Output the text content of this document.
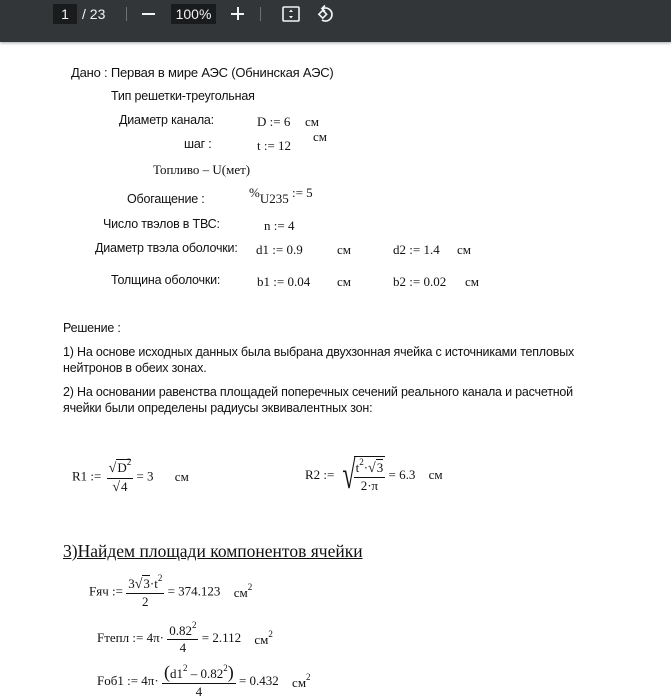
1 / 23	100%
Дано : Первая в мире АЭС (Обнинская АЭС)
Тип решетки-треугольная
Диаметр канала:	D := 6 см
шаг :	t := 12
см
Топливо – U(мет)
Обогащение :	%U235 := 5
Число твэлов в ТВС:	n := 4
Диаметр твэла оболочки: d1 := 0.9	см	d2 := 1.4 см
Толщина оболочки:	b1 := 0.04 см	b2 := 0.02 см
Решение :
1) На основе исходных данных была выбрана двухзонная ячейка с источниками тепловых
нейтронов в обеих зонах.
2) На основании равенства площадей поперечных сечений реального канала и расчетной
ячейки были определены радиусы эквивалентных зон:
R1 := $\frac{√D^2}{√4} = 3$ см	R2 := √
$\frac{t^2\cdot√3}{2\cdot\pi} = 6.3$ см
3)Найдем площади компонентов ячейки
Fяч := $\frac{3√3\cdot t^2}{2} = 374.123$ $см^2$
Fтепл := $4\pi\cdot \frac{0.82^2}{4} = 2.112$ $см^2$
Fоб1 := $4\pi\cdot \frac{(d1^2 - 0.82^2)}{4} = 0.432$ $см^2$
